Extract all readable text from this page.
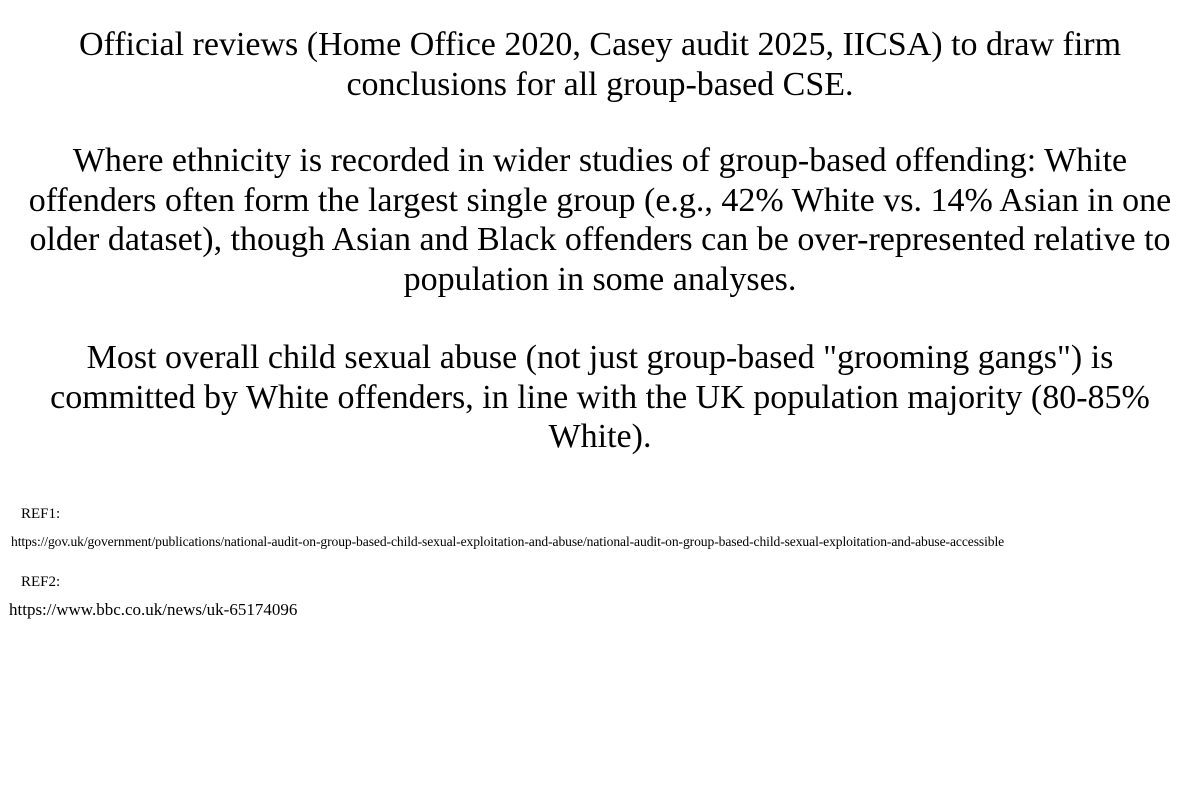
Official reviews (Home Office 2020, Casey audit 2025, IICSA) to draw firm
conclusions for all group-based CSE.

Where ethnicity is recorded in wider studies of group-based offending: White
offenders often form the largest single group (e.g., 42% White vs. 14% Asian in one
older dataset), though Asian and Black offenders can be over-represented relative to
population in some analyses.

Most overall child sexual abuse (not just group-based "grooming gangs") is
committed by White offenders, in line with the UK population majority (80-85%
White).

REF1:

https://gov.uk/government/publications/national-audit-on-group-based-child-sexual-exploitation-and-abuse/national-audit-on-group-based-child-sexual-exploitation-and-abuse-accessible

REF2:

https://www.bbc.co.uk/news/uk-65174096
